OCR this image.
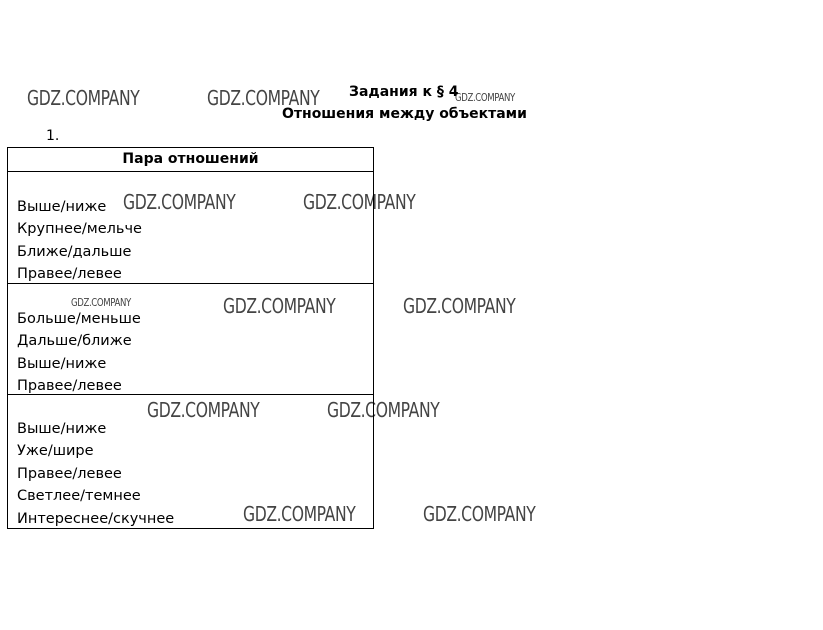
GDZ.COMPANY	GDZ.COMPANY	GDZ.COMPANY
GDZ.COMPANY	GDZ.COMPANY
GDZ.COMPANY	GDZ.COMPANY	GDZ.COMPANY
GDZ.COMPANY	GDZ.COMPANY
GDZ.COMPANY	GDZ.COMPANY
Задания к § 4
Отношения между объектами
1.
Пара отношений
Выше/ниже
Крупнее/мельче
Ближе/дальше
Правее/левее
Больше/меньше
Дальше/ближе
Выше/ниже
Правее/левее
Выше/ниже
Уже/шире
Правее/левее
Светлее/темнее
Интереснее/скучнее
